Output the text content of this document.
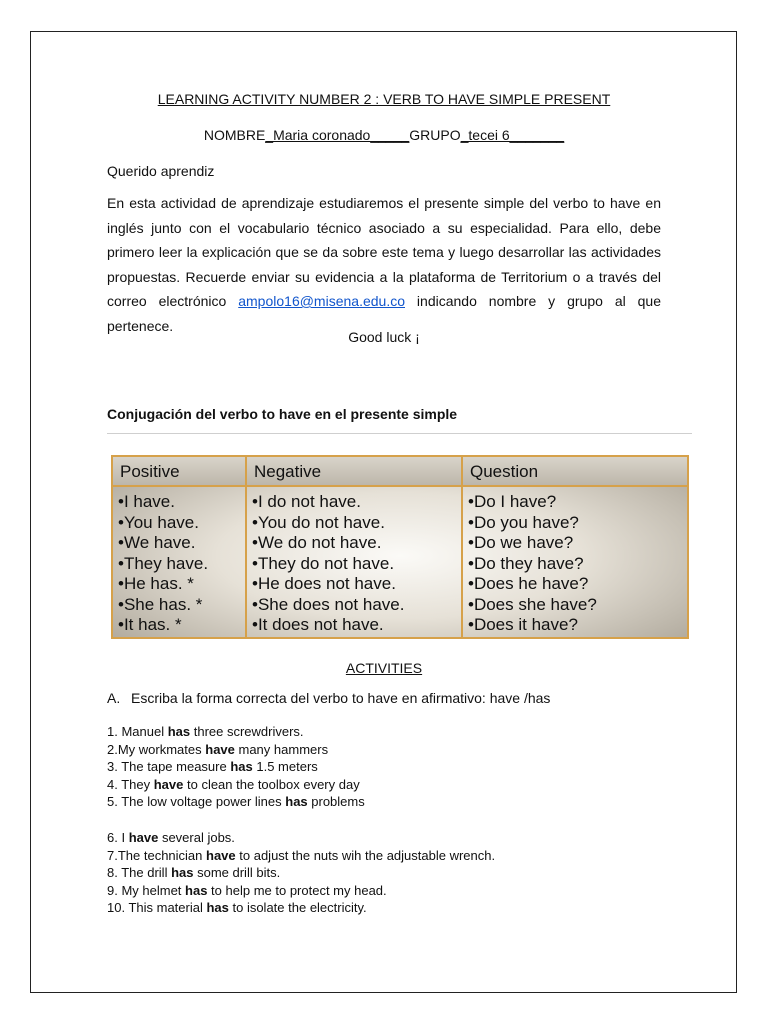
LEARNING ACTIVITY NUMBER 2 : VERB TO HAVE SIMPLE PRESENT
NOMBRE_Maria coronado_____GRUPO_tecei 6_______
Querido aprendiz
En esta actividad de aprendizaje estudiaremos el presente simple del verbo to have en inglés junto con el vocabulario técnico asociado a su especialidad. Para ello, debe primero leer la explicación que se da sobre este tema y luego desarrollar las actividades propuestas. Recuerde enviar su evidencia a la plataforma de Territorium o a través del correo electrónico ampolo16@misena.edu.co indicando nombre y grupo al que pertenece.
Good luck ¡
Conjugación del verbo to have en el presente simple
Positive
•I have.
•You have.
•We have.
•They have.
•He has. *
•She has. *
•It has. *
Negative
•I do not have.
•You do not have.
•We do not have.
•They do not have.
•He does not have.
•She does not have.
•It does not have.
Question
•Do I have?
•Do you have?
•Do we have?
•Do they have?
•Does he have?
•Does she have?
•Does it have?
ACTIVITIES
A. Escriba la forma correcta del verbo to have en afirmativo: have /has
1. Manuel has three screwdrivers.
2.My workmates have many hammers
3. The tape measure has 1.5 meters
4. They have to clean the toolbox every day
5. The low voltage power lines has problems
6. I have several jobs.
7.The technician have to adjust the nuts wih the adjustable wrench.
8. The drill has some drill bits.
9. My helmet has to help me to protect my head.
10. This material has to isolate the electricity.
